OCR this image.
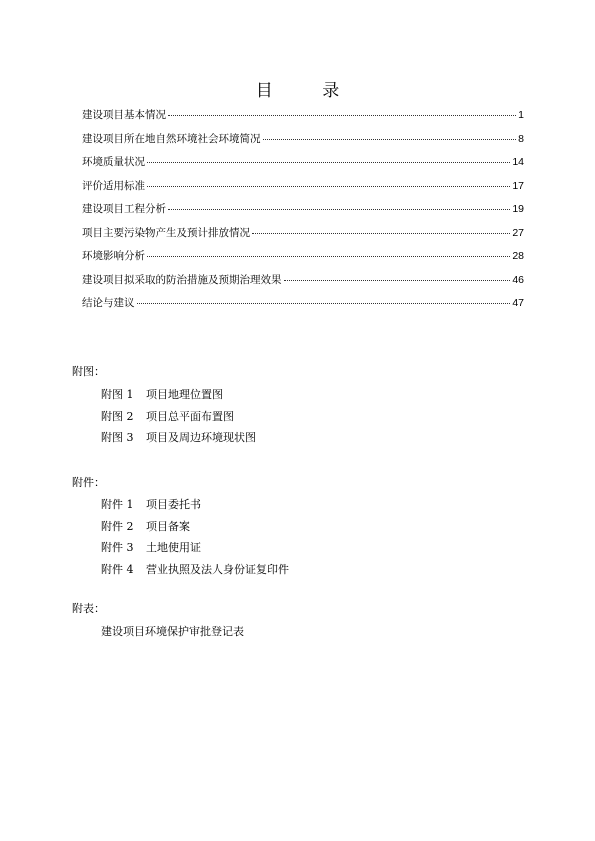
目 录
建设项目基本情况	1
建设项目所在地自然环境社会环境简况	8
环境质量状况	14
评价适用标准	17
建设项目工程分析	19
项目主要污染物产生及预计排放情况	27
环境影响分析	28
建设项目拟采取的防治措施及预期治理效果	46
结论与建议	47
附图：
附图 1 项目地理位置图
附图 2 项目总平面布置图
附图 3 项目及周边环境现状图
附件：
附件 1 项目委托书
附件 2 项目备案
附件 3 土地使用证
附件 4 营业执照及法人身份证复印件
附表：
建设项目环境保护审批登记表
